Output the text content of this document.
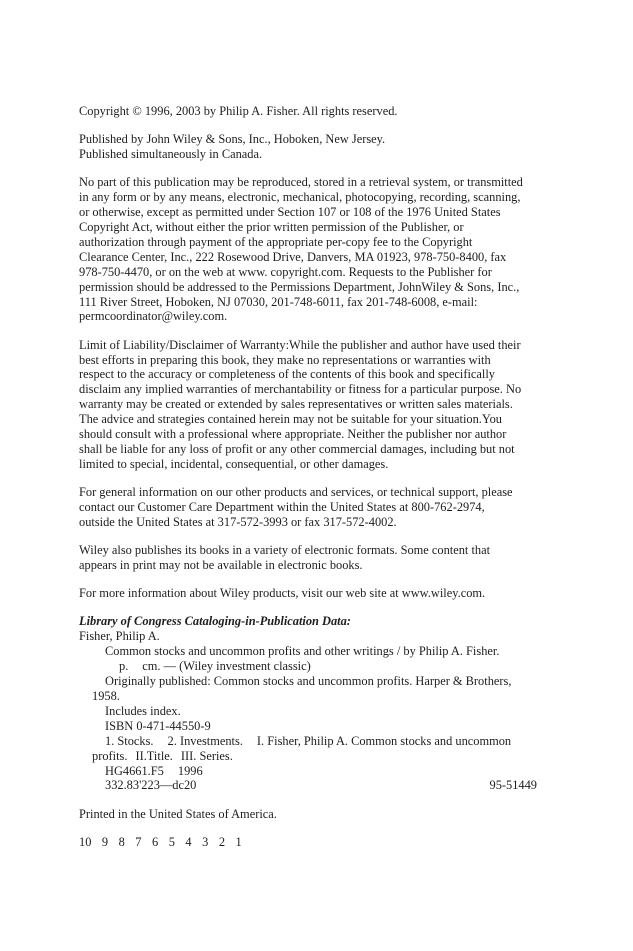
Copyright © 1996, 2003 by Philip A. Fisher. All rights reserved.

Published by John Wiley & Sons, Inc., Hoboken, New Jersey.
Published simultaneously in Canada.

No part of this publication may be reproduced, stored in a retrieval system, or transmitted
in any form or by any means, electronic, mechanical, photocopying, recording, scanning,
or otherwise, except as permitted under Section 107 or 108 of the 1976 United States
Copyright Act, without either the prior written permission of the Publisher, or
authorization through payment of the appropriate per-copy fee to the Copyright
Clearance Center, Inc., 222 Rosewood Drive, Danvers, MA 01923, 978-750-8400, fax
978-750-4470, or on the web at www. copyright.com. Requests to the Publisher for
permission should be addressed to the Permissions Department, JohnWiley & Sons, Inc.,
111 River Street, Hoboken, NJ 07030, 201-748-6011, fax 201-748-6008, e-mail:
permcoordinator@wiley.com.

Limit of Liability/Disclaimer of Warranty:While the publisher and author have used their
best efforts in preparing this book, they make no representations or warranties with
respect to the accuracy or completeness of the contents of this book and specifically
disclaim any implied warranties of merchantability or fitness for a particular purpose. No
warranty may be created or extended by sales representatives or written sales materials.
The advice and strategies contained herein may not be suitable for your situation.You
should consult with a professional where appropriate. Neither the publisher nor author
shall be liable for any loss of profit or any other commercial damages, including but not
limited to special, incidental, consequential, or other damages.

For general information on our other products and services, or technical support, please
contact our Customer Care Department within the United States at 800-762-2974,
outside the United States at 317-572-3993 or fax 317-572-4002.

Wiley also publishes its books in a variety of electronic formats. Some content that
appears in print may not be available in electronic books.

For more information about Wiley products, visit our web site at www.wiley.com.

Library of Congress Cataloging-in-Publication Data:
Fisher, Philip A.
Common stocks and uncommon profits and other writings / by Philip A. Fisher.
p. cm. — (Wiley investment classic)
Originally published: Common stocks and uncommon profits. Harper & Brothers,
1958.
Includes index.
ISBN 0-471-44550-9
1. Stocks. 2. Investments. I. Fisher, Philip A. Common stocks and uncommon
profits. II.Title. III. Series.
HG4661.F5 1996
332.83'223—dc20	95-51449

Printed in the United States of America.

10 9 8 7 6 5 4 3 2 1
